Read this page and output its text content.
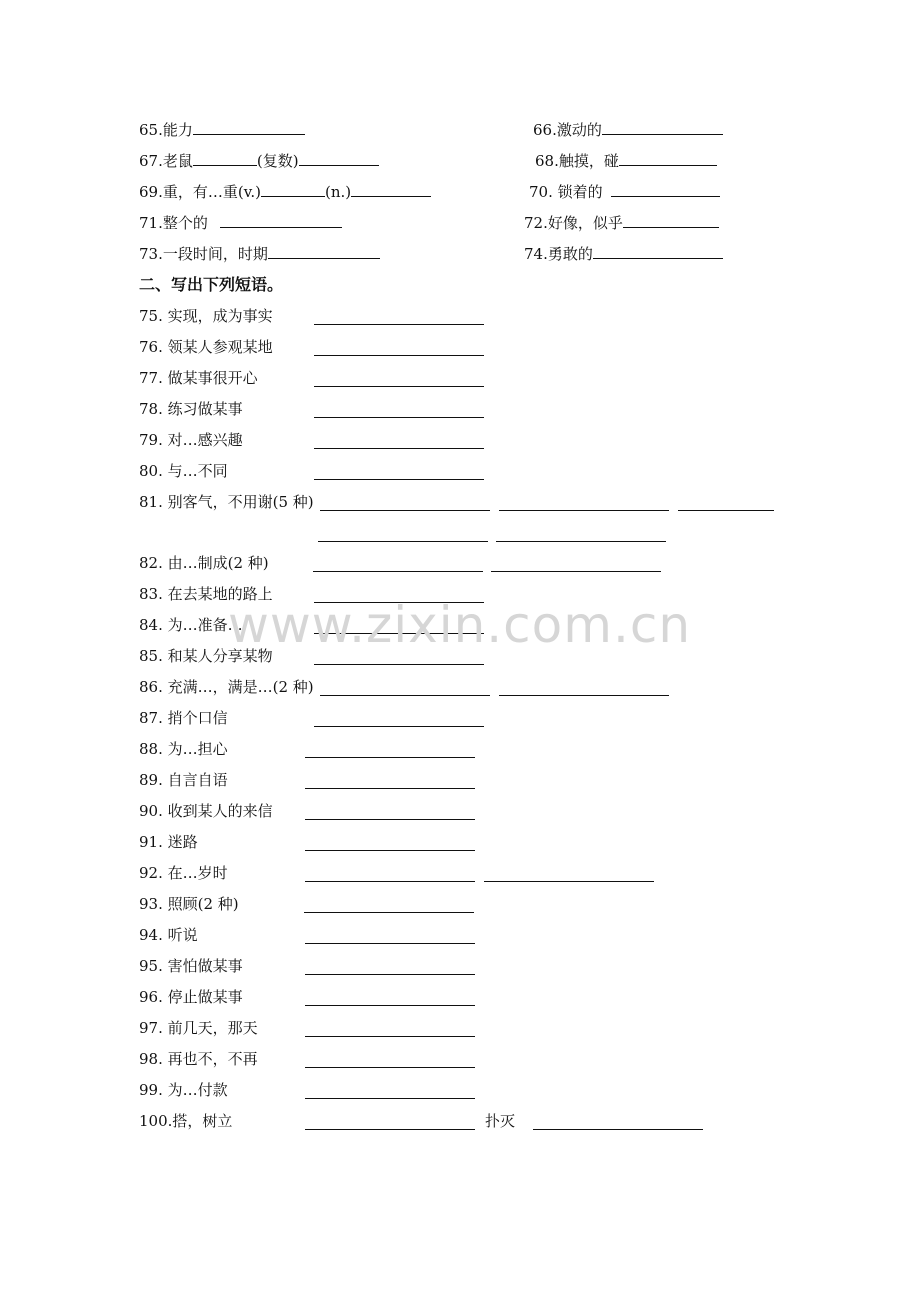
65.能力	66.激动的
67.老鼠	(复数)	68.触摸，碰
69.重，有…重(v.)	(n.)	70. 锁着的
71.整个的	72.好像，似乎
73.一段时间，时期	74.勇敢的
二、写出下列短语。
75. 实现，成为事实
76. 领某人参观某地
77. 做某事很开心
78. 练习做某事
79. 对…感兴趣
80. 与…不同
81. 别客气，不用谢(5 种)
82. 由…制成(2 种)
83. 在去某地的路上
84. 为…准备…
85. 和某人分享某物
86. 充满…，满是…(2 种)
87. 捎个口信
88. 为…担心
89. 自言自语
90. 收到某人的来信
91. 迷路
92. 在…岁时
93. 照顾(2 种)
94. 听说
95. 害怕做某事
96. 停止做某事
97. 前几天，那天
98. 再也不，不再
99. 为…付款
100.搭，树立	扑灭
www.zixin.com.cn
